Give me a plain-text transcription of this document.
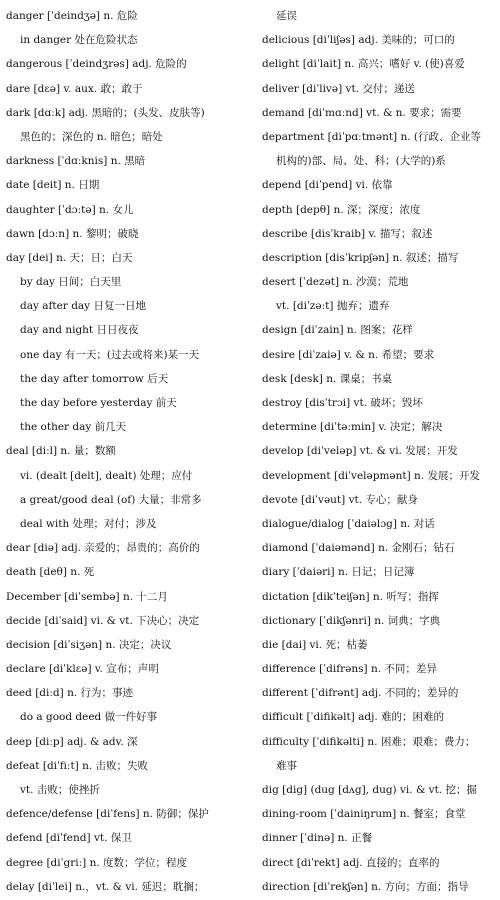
danger [ˈdeindʒə] n. 危险
in danger 处在危险状态
dangerous [ˈdeindʒrəs] adj. 危险的
dare [dɛə] v. aux. 敢；敢于
dark [dɑːk] adj. 黑暗的；(头发、皮肤等)
黑色的；深色的 n. 暗色；暗处
darkness [ˈdɑːknis] n. 黑暗
date [deit] n. 日期
daughter [ˈdɔːtə] n. 女儿
dawn [dɔːn] n. 黎明；破晓
day [dei] n. 天；日；白天
by day 日间；白天里
day after day 日复一日地
day and night 日日夜夜
one day 有一天；(过去或将来)某一天
the day after tomorrow 后天
the day before yesterday 前天
the other day 前几天
deal [diːl] n. 量；数额
vi. (dealt [delt], dealt) 处理；应付
a great/good deal (of) 大量；非常多
deal with 处理；对付；涉及
dear [diə] adj. 亲爱的；昂贵的；高价的
death [deθ] n. 死
December [diˈsembə] n. 十二月
decide [diˈsaid] vi. & vt. 下决心；决定
decision [diˈsiʒən] n. 决定；决议
declare [diˈklɛə] v. 宣布；声明
deed [diːd] n. 行为；事迹
do a good deed 做一件好事
deep [diːp] adj. & adv. 深
defeat [diˈfiːt] n. 击败；失败
vt. 击败；使挫折
defence/defense [diˈfens] n. 防御；保护
defend [diˈfend] vt. 保卫
degree [diˈgriː] n. 度数；学位；程度
delay [diˈlei] n.，vt. & vi. 延迟；耽搁；
延误
delicious [diˈliʃəs] adj. 美味的；可口的
delight [diˈlait] n. 高兴；嗜好 v. (使)喜爱
deliver [diˈlivə] vt. 交付；递送
demand [diˈmɑːnd] vt. & n. 要求；需要
department [diˈpɑːtmənt] n. (行政、企业等
机构的)部、局、处、科；(大学的)系
depend [diˈpend] vi. 依靠
depth [depθ] n. 深；深度；浓度
describe [disˈkraib] v. 描写；叙述
description [disˈkripʃən] n. 叙述；描写
desert [ˈdezət] n. 沙漠；荒地
vt. [diˈzəːt] 抛弃；遗弃
design [diˈzain] n. 图案；花样
desire [diˈzaiə] v. & n. 希望；要求
desk [desk] n. 课桌；书桌
destroy [disˈtrɔi] vt. 破坏；毁坏
determine [diˈtəːmin] v. 决定；解决
develop [diˈveləp] vt. & vi. 发展；开发
development [diˈveləpmənt] n. 发展；开发
devote [diˈvəut] vt. 专心；献身
dialogue/dialog [ˈdaiəlɔg] n. 对话
diamond [ˈdaiəmənd] n. 金刚石；钻石
diary [ˈdaiəri] n. 日记；日记簿
dictation [dikˈteiʃən] n. 听写；指挥
dictionary [ˈdikʃənri] n. 词典；字典
die [dai] vi. 死；枯萎
difference [ˈdifrəns] n. 不同；差异
different [ˈdifrənt] adj. 不同的；差异的
difficult [ˈdifikəlt] adj. 难的；困难的
difficulty [ˈdifikəlti] n. 困难；艰难；费力；
难事
dig [dig] (dug [dʌg], dug) vi. & vt. 挖；掘
dining-room [ˈdainiŋrum] n. 餐室；食堂
dinner [ˈdinə] n. 正餐
direct [diˈrekt] adj. 直接的；直率的
direction [diˈrekʃən] n. 方向；方面；指导
